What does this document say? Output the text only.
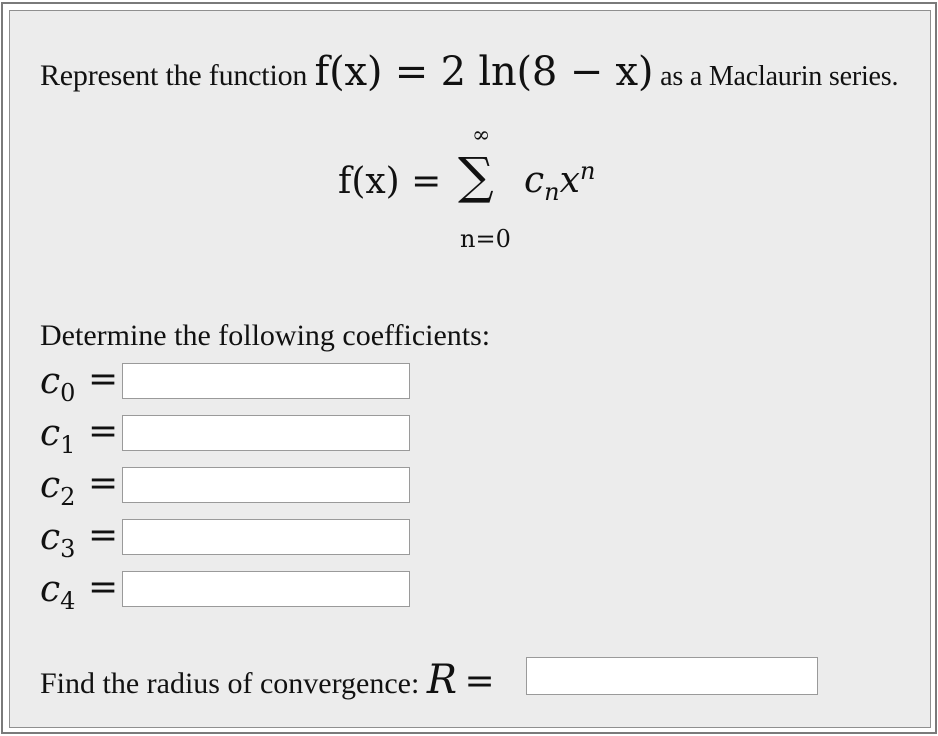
Represent the function f(x) = 2 ln(8 − x) as a Maclaurin series.
f(x) =
∞
∑
n=0
$c_nx^n$
Determine the following coefficients:
$c_0$ =
$c_1$ =
$c_2$ =
$c_3$ =
$c_4$ =
Find the radius of convergence: R =
